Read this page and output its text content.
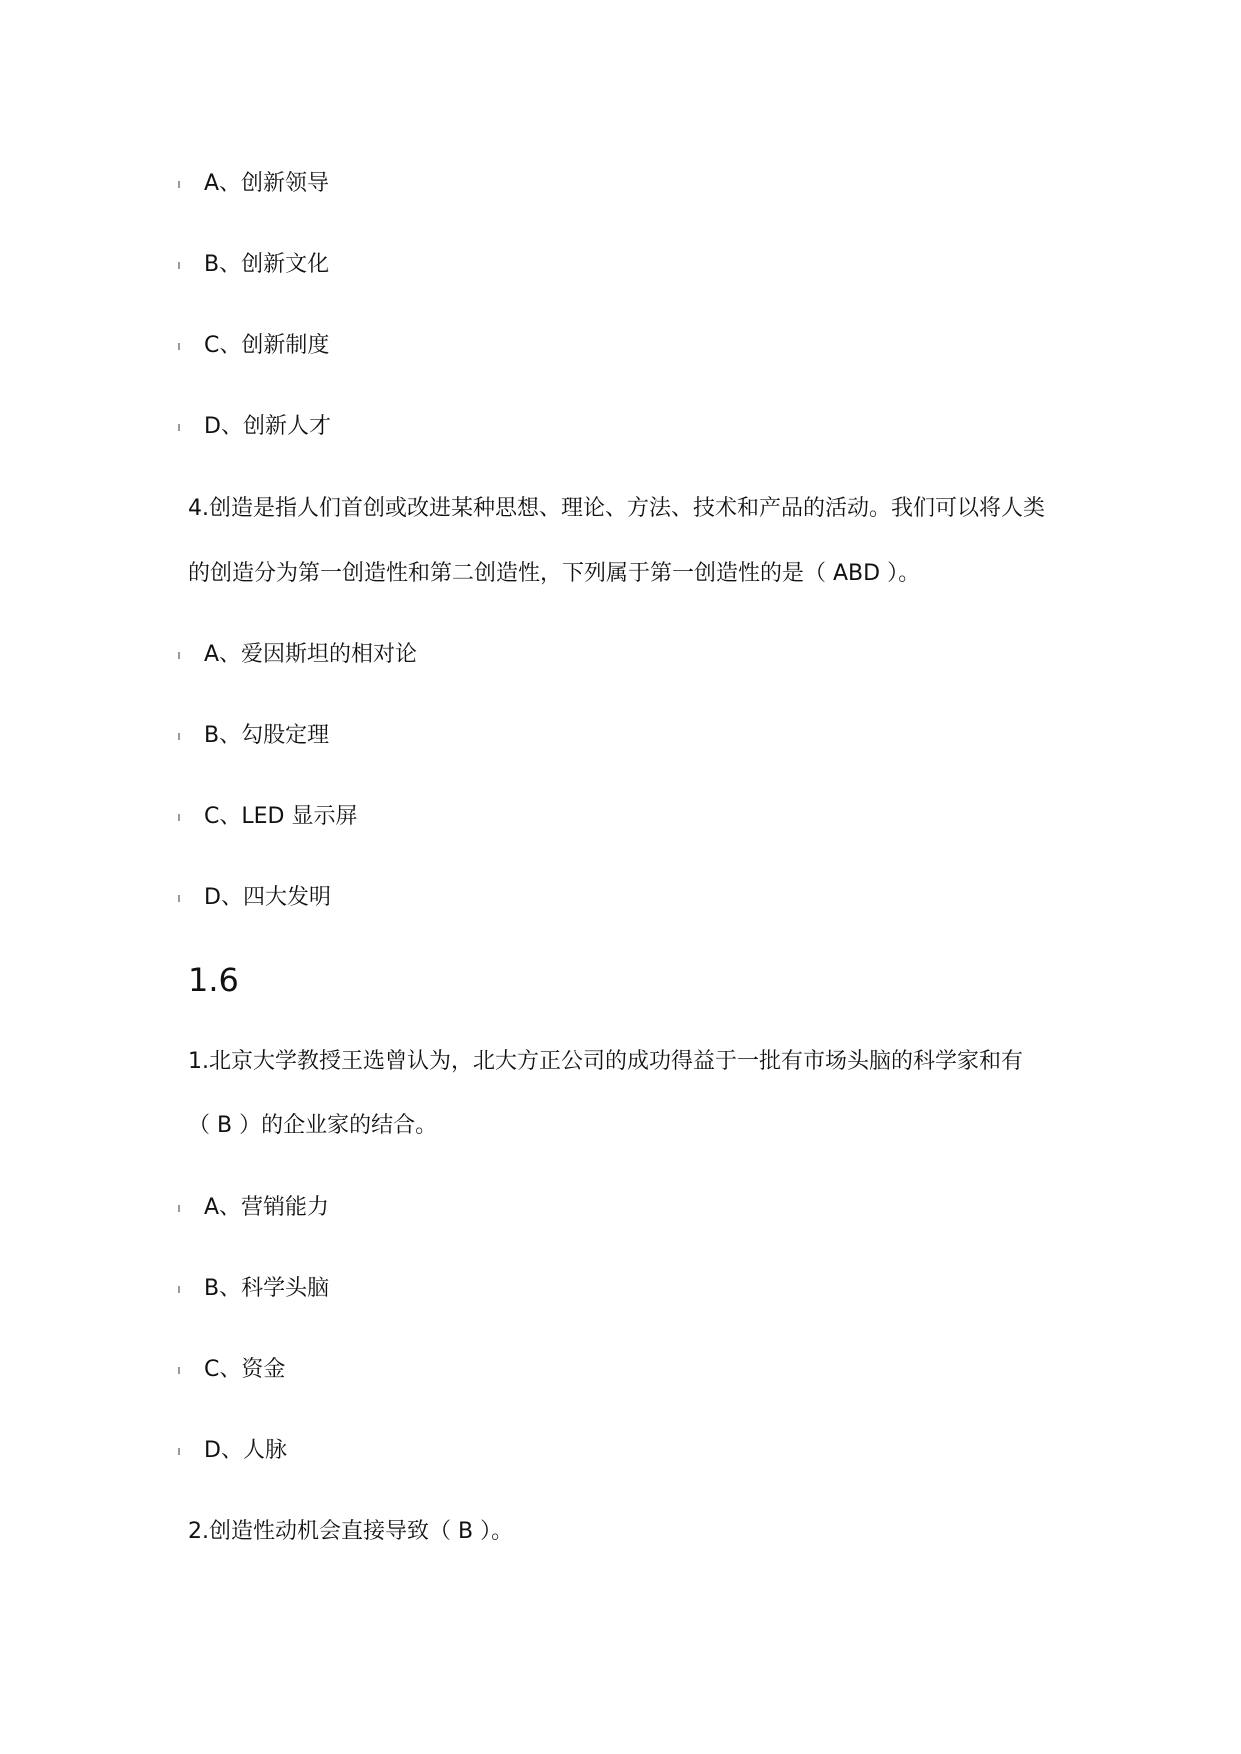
A、创新领导
B、创新文化
C、创新制度
D、创新人才
4.创造是指人们首创或改进某种思想、理论、方法、技术和产品的活动。我们可以将人类
的创造分为第一创造性和第二创造性，下列属于第一创造性的是（ ABD ）。
A、爱因斯坦的相对论
B、勾股定理
C、LED 显示屏
D、四大发明
1.6
1.北京大学教授王选曾认为，北大方正公司的成功得益于一批有市场头脑的科学家和有
（ B ）的企业家的结合。
A、营销能力
B、科学头脑
C、资金
D、人脉
2.创造性动机会直接导致（ B ）。
